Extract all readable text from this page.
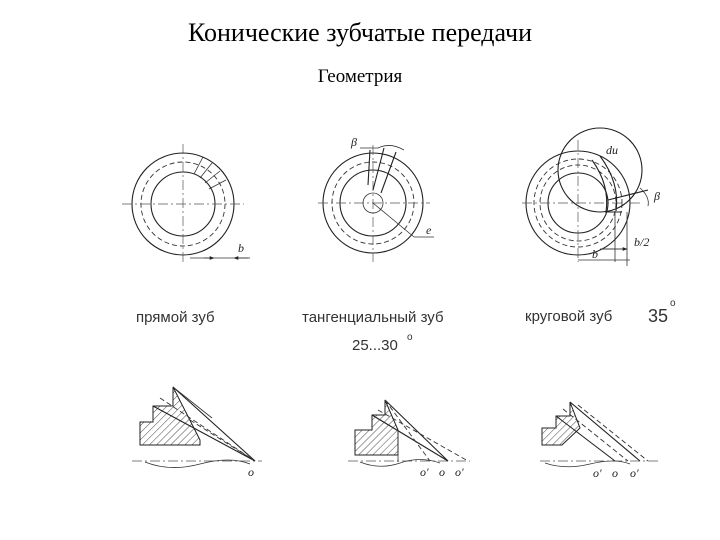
Конические зубчатые передачи
Геометрия
b
прямой зуб
β
e
тангенциальный зуб
25...30 о
du
β
b/2
b
круговой зуб 35
о
o	o' o o'	o' o o'
